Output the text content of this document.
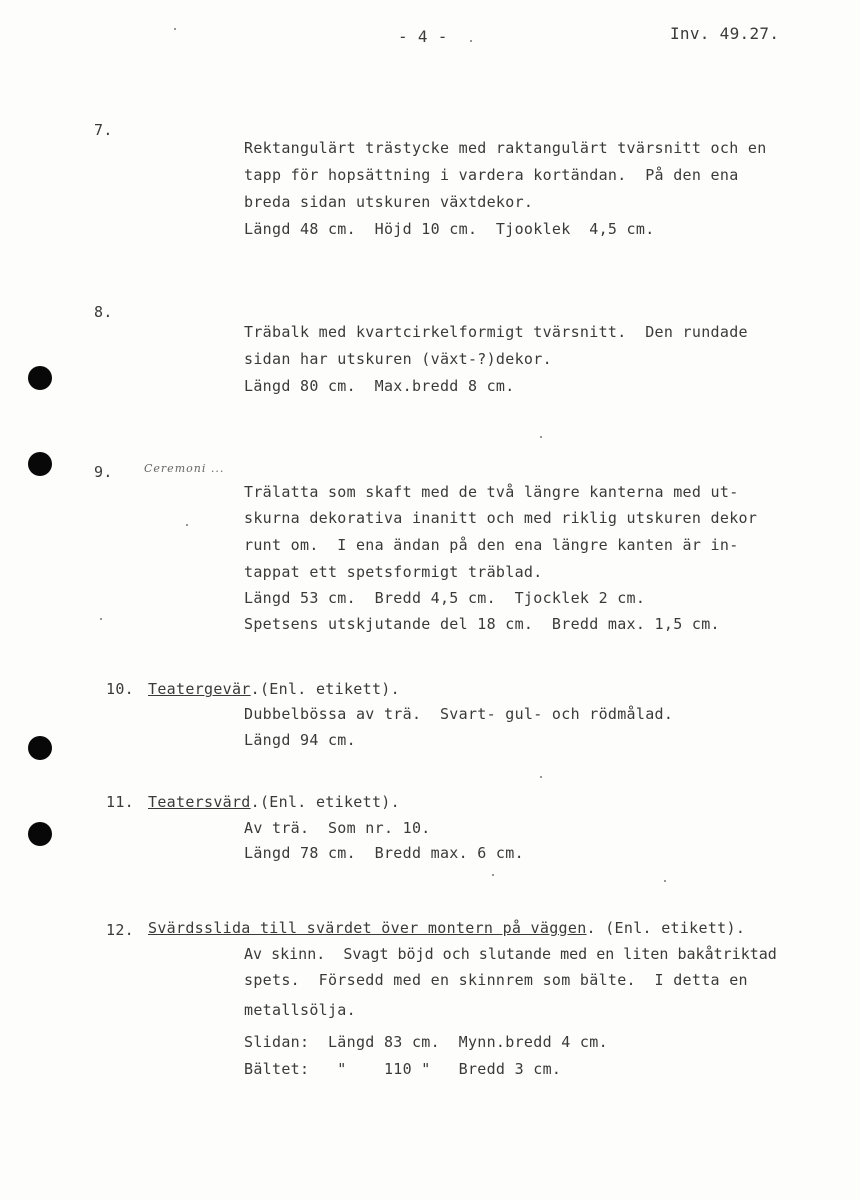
- 4 -	Inv. 49.27.
7.
Rektangulärt trästycke med raktangulärt tvärsnitt och en
tapp för hopsättning i vardera kortändan.  På den ena
breda sidan utskuren växtdekor.
Längd 48 cm.  Höjd 10 cm.  Tjooklek  4,5 cm.
8.
Träbalk med kvartcirkelformigt tvärsnitt.  Den rundade
sidan har utskuren (växt-?)dekor.
Längd 80 cm.  Max.bredd 8 cm.
9.	Ceremoni ...
Trälatta som skaft med de två längre kanterna med ut-
skurna dekorativa inanitt och med riklig utskuren dekor
runt om.  I ena ändan på den ena längre kanten är in-
tappat ett spetsformigt träblad.
Längd 53 cm.  Bredd 4,5 cm.  Tjocklek 2 cm.
Spetsens utskjutande del 18 cm.  Bredd max. 1,5 cm.
10. Teatergevär.(Enl. etikett).
Dubbelbössa av trä.  Svart- gul- och rödmålad.
Längd 94 cm.
11. Teatersvärd.(Enl. etikett).
Av trä.  Som nr. 10.
Längd 78 cm.  Bredd max. 6 cm.
12. Svärdsslida till svärdet över montern på väggen. (Enl. etikett).
Av skinn.  Svagt böjd och slutande med en liten bakåtriktad
spets.  Försedd med en skinnrem som bälte.  I detta en
metallsölja.
Slidan:  Längd 83 cm.  Mynn.bredd 4 cm.
Bältet:   "    110 "   Bredd 3 cm.
